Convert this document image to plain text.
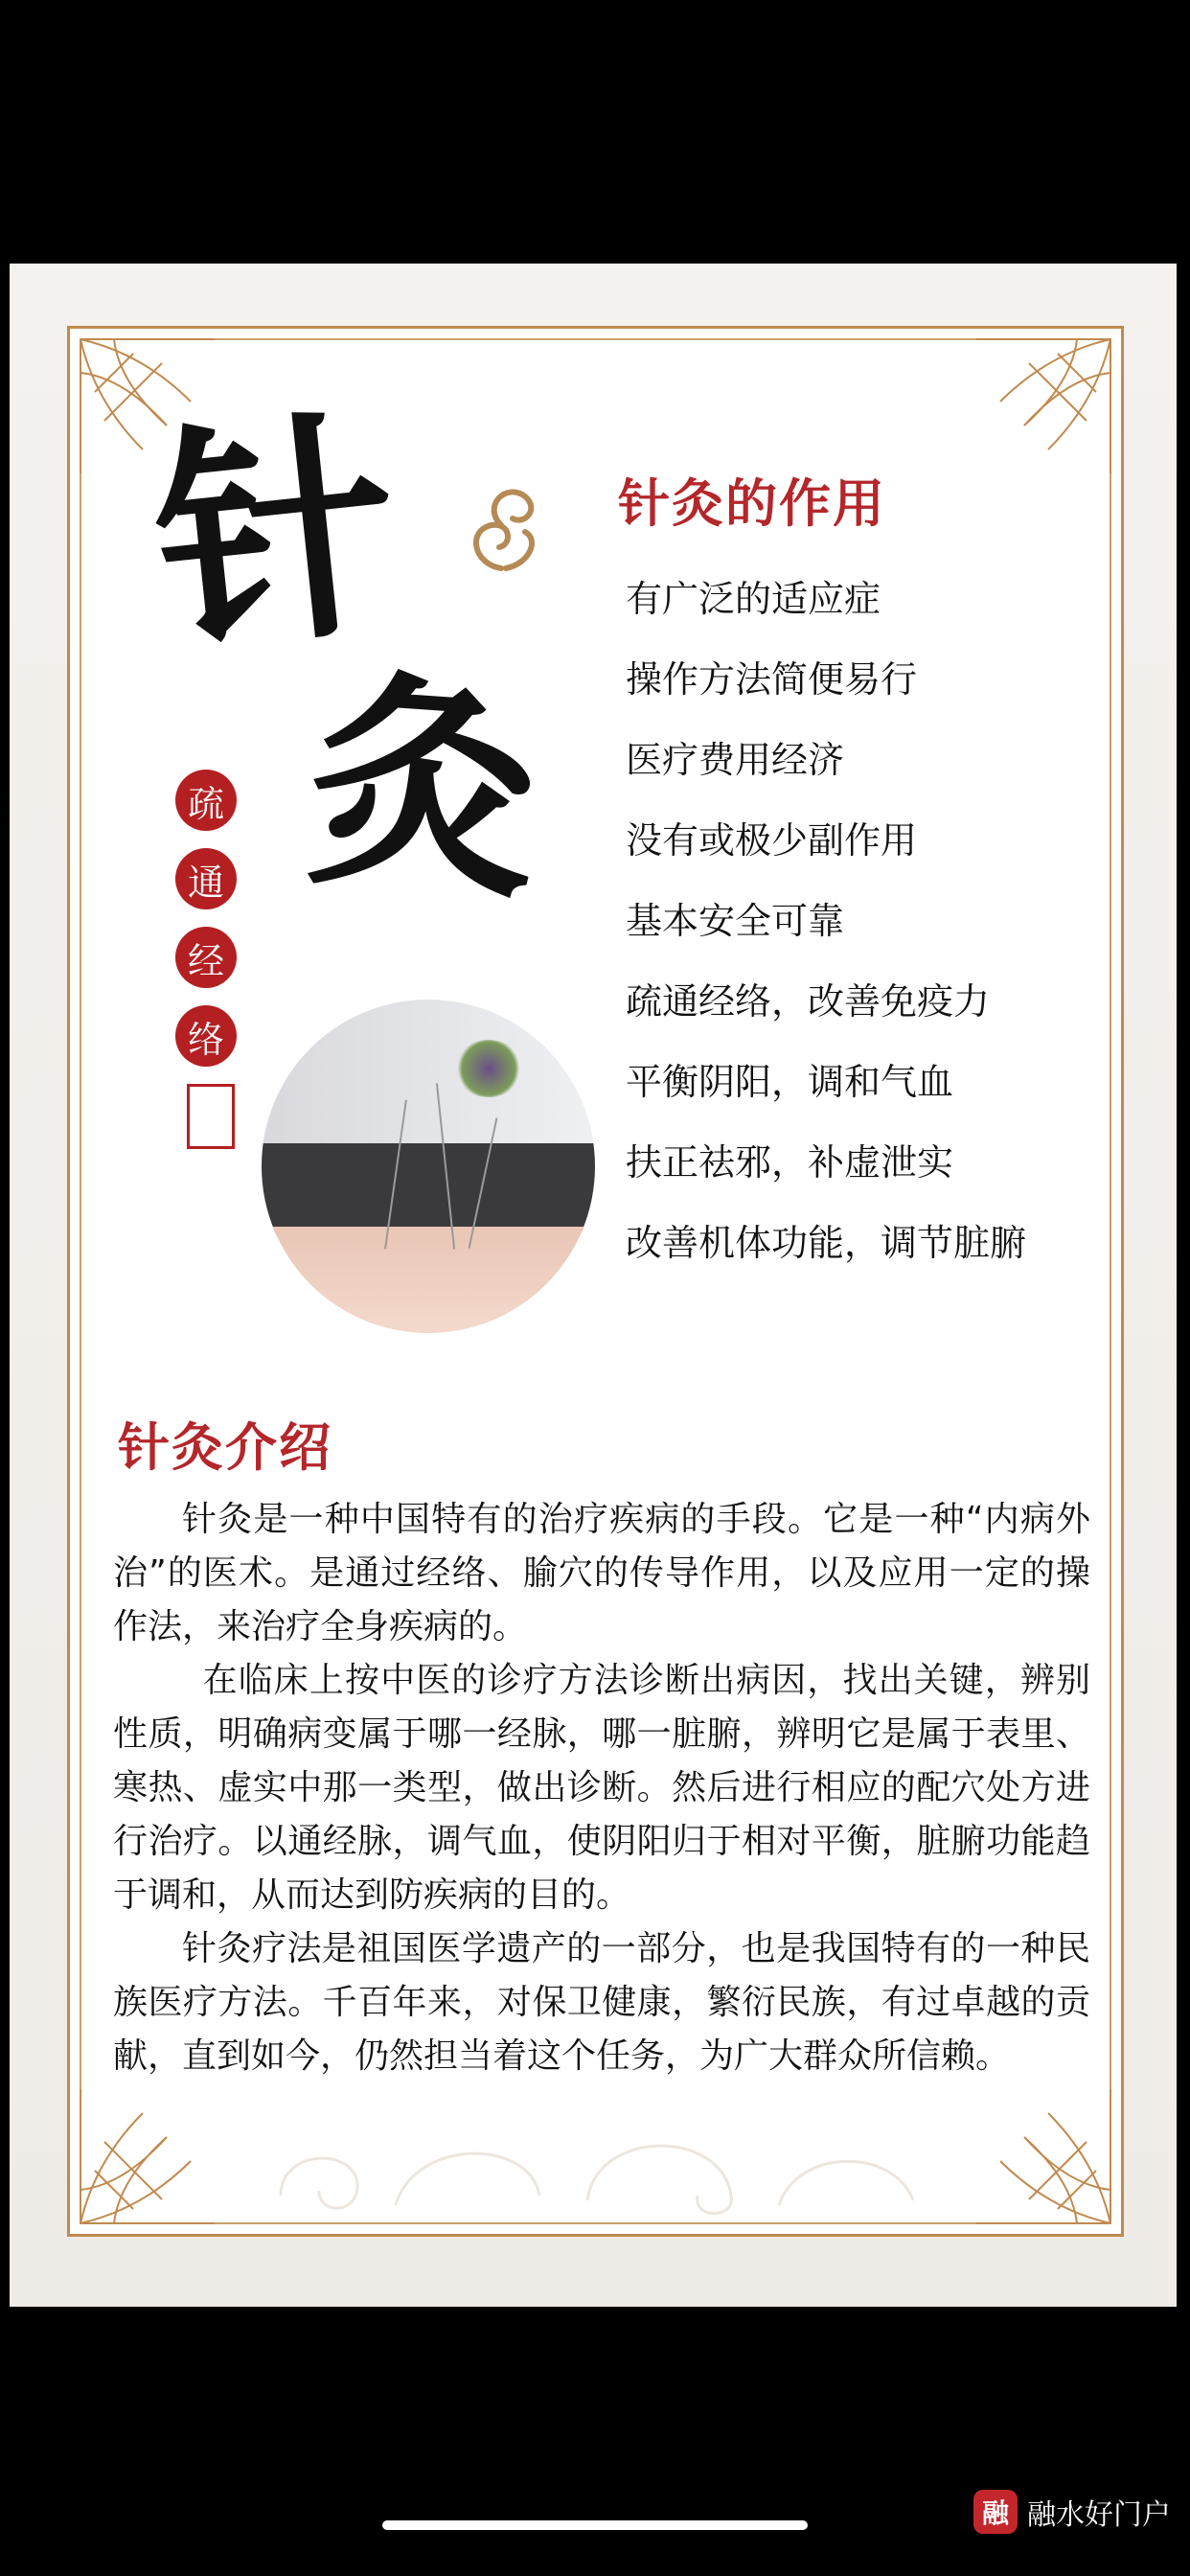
针
灸
疏
通
经
络
针灸的作用
有广泛的适应症
操作方法简便易行
医疗费用经济
没有或极少副作用
基本安全可靠
疏通经络，改善免疫力
平衡阴阳，调和气血
扶正祛邪，补虚泄实
改善机体功能，调节脏腑
针灸介绍

针灸是一种中国特有的治疗疾病的手段。它是一种“内病外治”的医术。是通过经络、腧穴的传导作用，以及应用一定的操作法，来治疗全身疾病的。

在临床上按中医的诊疗方法诊断出病因，找出关键，辨别性质，明确病变属于哪一经脉，哪一脏腑，辨明它是属于表里、寒热、虚实中那一类型，做出诊断。然后进行相应的配穴处方进行治疗。以通经脉，调气血，使阴阳归于相对平衡，脏腑功能趋于调和，从而达到防疾病的目的。

针灸疗法是祖国医学遗产的一部分，也是我国特有的一种民族医疗方法。千百年来，对保卫健康，繁衍民族，有过卓越的贡献，直到如今，仍然担当着这个任务，为广大群众所信赖。

融 融水好门户
